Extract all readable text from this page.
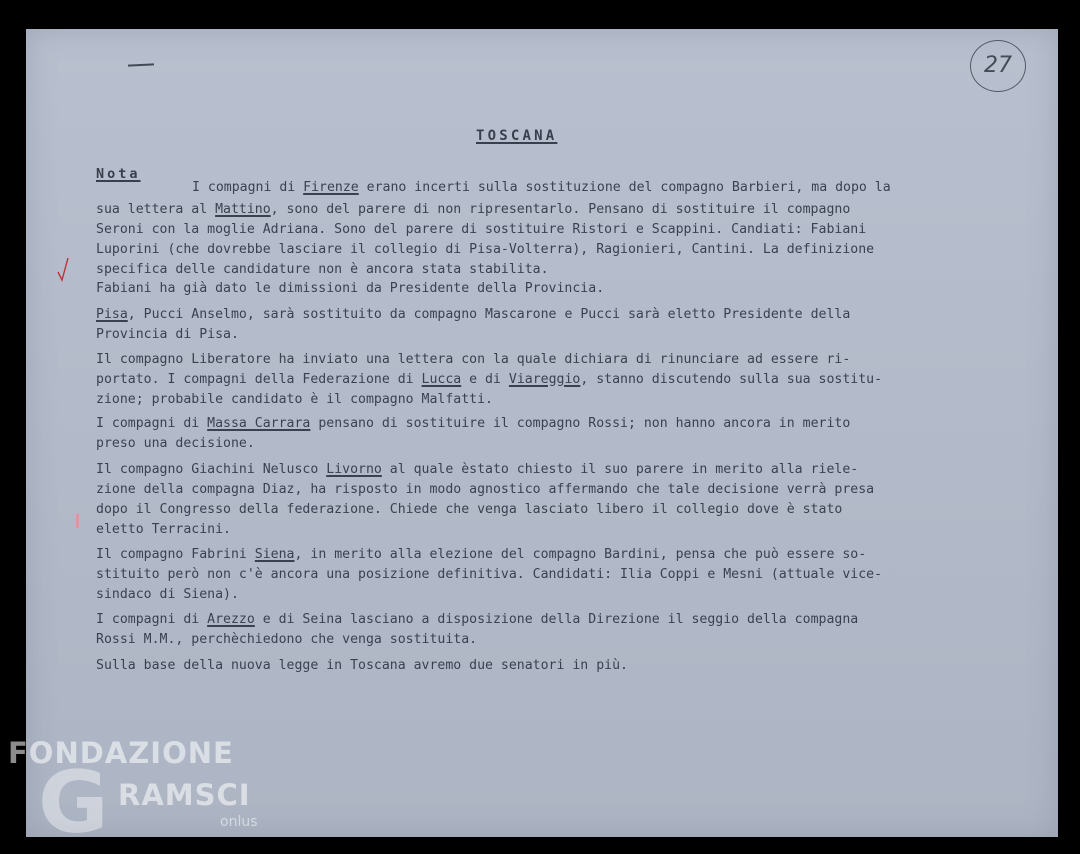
27
TOSCANA
Nota
I compagni di Firenze erano incerti sulla sostituzione del compagno Barbieri, ma dopo la
sua lettera al Mattino, sono del parere di non ripresentarlo. Pensano di sostituire il compagno
Seroni con la moglie Adriana. Sono del parere di sostituire Ristori e Scappini. Candiati: Fabiani
Luporini (che dovrebbe lasciare il collegio di Pisa-Volterra), Ragionieri, Cantini. La definizione
specifica delle candidature non è ancora stata stabilita.
Fabiani ha già dato le dimissioni da Presidente della Provincia.
Pisa, Pucci Anselmo, sarà sostituito da compagno Mascarone e Pucci sarà eletto Presidente della
Provincia di Pisa.
Il compagno Liberatore ha inviato una lettera con la quale dichiara di rinunciare ad essere ri-
portato. I compagni della Federazione di Lucca e di Viareggio, stanno discutendo sulla sua sostitu-
zione; probabile candidato è il compagno Malfatti.
I compagni di Massa Carrara pensano di sostituire il compagno Rossi; non hanno ancora in merito
preso una decisione.
Il compagno Giachini Nelusco Livorno al quale èstato chiesto il suo parere in merito alla riele-
zione della compagna Diaz, ha risposto in modo agnostico affermando che tale decisione verrà presa
dopo il Congresso della federazione. Chiede che venga lasciato libero il collegio dove è stato
eletto Terracini.
Il compagno Fabrini Siena, in merito alla elezione del compagno Bardini, pensa che può essere so-
stituito però non c'è ancora una posizione definitiva. Candidati: Ilia Coppi e Mesni (attuale vice-
sindaco di Siena).
I compagni di Arezzo e di Seina lasciano a disposizione della Direzione il seggio della compagna
Rossi M.M., perchèchiedono che venga sostituita.
Sulla base della nuova legge in Toscana avremo due senatori in più.
FONDAZIONE
G RAMSCI
onlus
